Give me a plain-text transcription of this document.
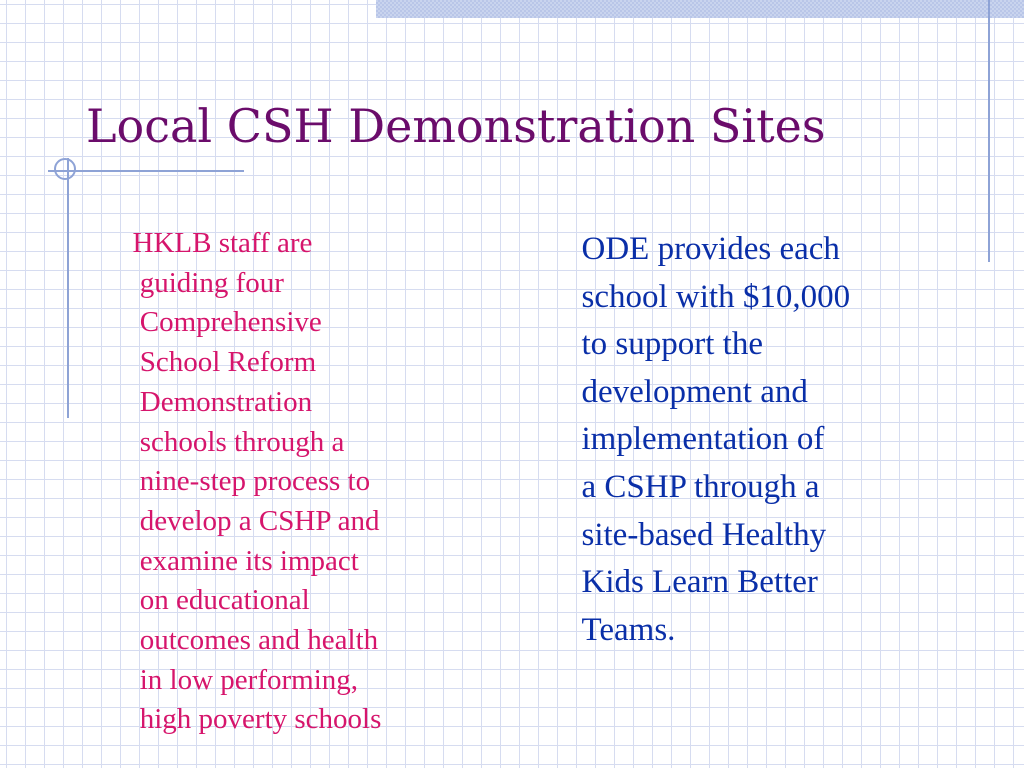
Local CSH Demonstration Sites

HKLB staff are
guiding four
Comprehensive
School Reform
Demonstration
schools through a
nine-step process to
develop a CSHP and
examine its impact
on educational
outcomes and health
in low performing,
high poverty schools

ODE provides each
school with $10,000
to support the
development and
implementation of
a CSHP through a
site-based Healthy
Kids Learn Better
Teams.
